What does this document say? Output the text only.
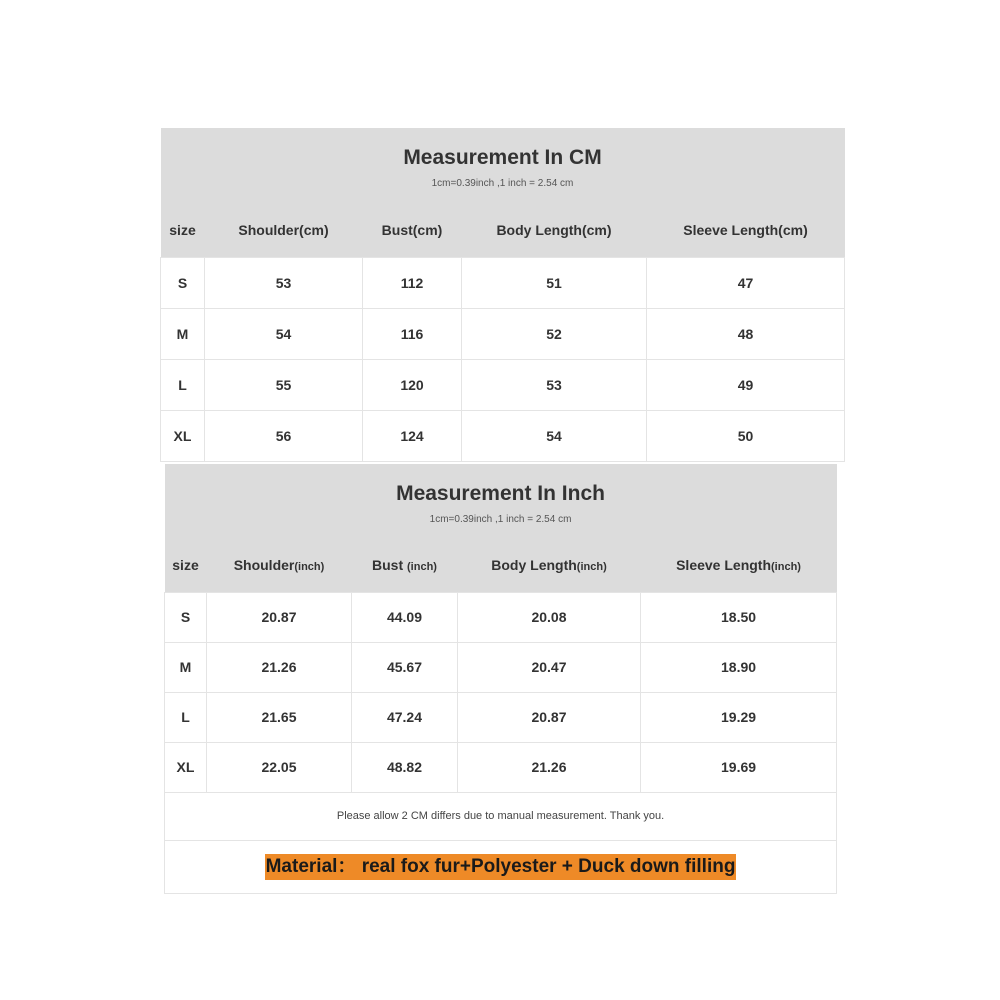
Measurement In CM
1cm=0.39inch ,1 inch = 2.54 cm				

size	Shoulder(cm)	Bust(cm)	Body Length(cm)	Sleeve Length(cm)
S	53	112	51	47
M	54	116	52	48
L	55	120	53	49
XL	56	124	54	50
Measurement In Inch
1cm=0.39inch ,1 inch = 2.54 cm				

size	Shoulder(inch)	Bust (inch)	Body Length(inch)	Sleeve Length(inch)
S	20.87	44.09	20.08	18.50
M	21.26	45.67	20.47	18.90
L	21.65	47.24	20.87	19.29
XL	22.05	48.82	21.26	19.69
Please allow 2 CM differs due to manual measurement. Thank you.				
Material： real fox fur+Polyester + Duck down filling				
